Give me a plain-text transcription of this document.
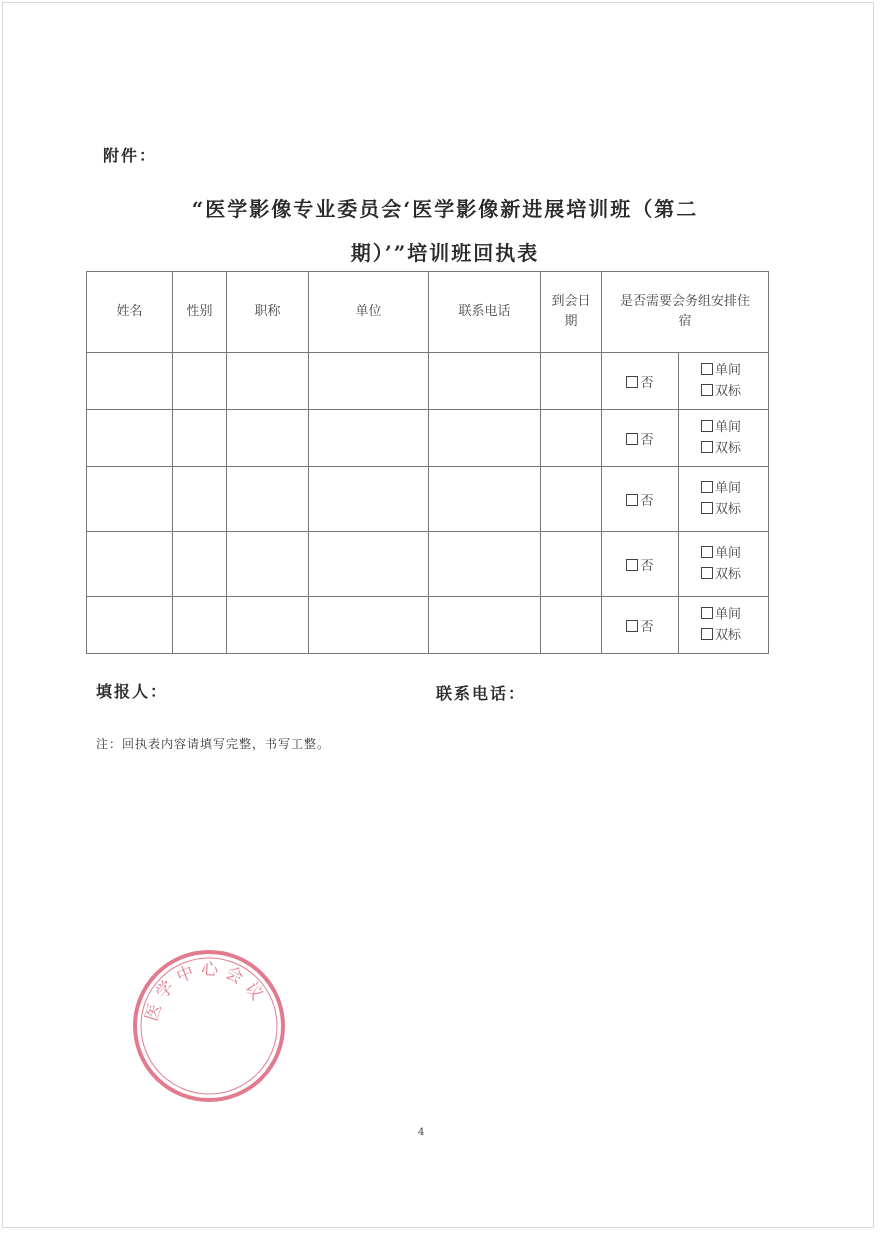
附件：
“医学影像专业委员会‘医学影像新进展培训班（第二
期）’”培训班回执表
姓名	性别	职称	单位	联系电话	到会日期	是否需要会务组安排住宿	
						否	单间
双标

						否	单间
双标

						否	单间
双标

						否	单间
双标

						否	单间
双标
填报人：	联系电话：
注：回执表内容请填写完整，书写工整。
医学中心会议
4
